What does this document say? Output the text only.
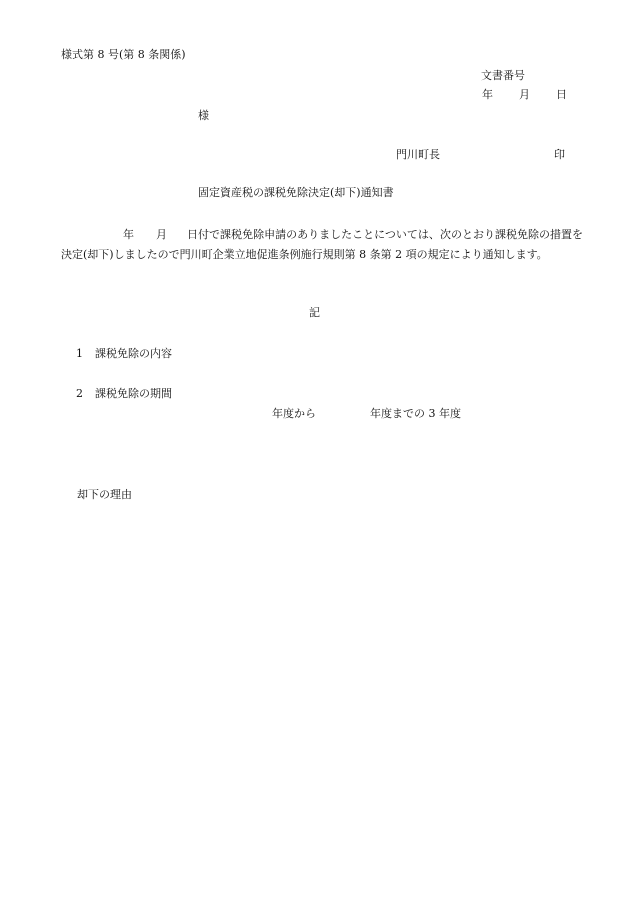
様式第 8 号(第 8 条関係)
文書番号
年 月 日
様
門川町長	印
固定資産税の課税免除決定(却下)通知書
年 月 日付で課税免除申請のありましたことについては、次のとおり課税免除の措置を決定(却下)しましたので門川町企業立地促進条例施行規則第 8 条第 2 項の規定により通知します。
記
1 課税免除の内容
2 課税免除の期間
年度から	年度までの 3 年度
却下の理由
